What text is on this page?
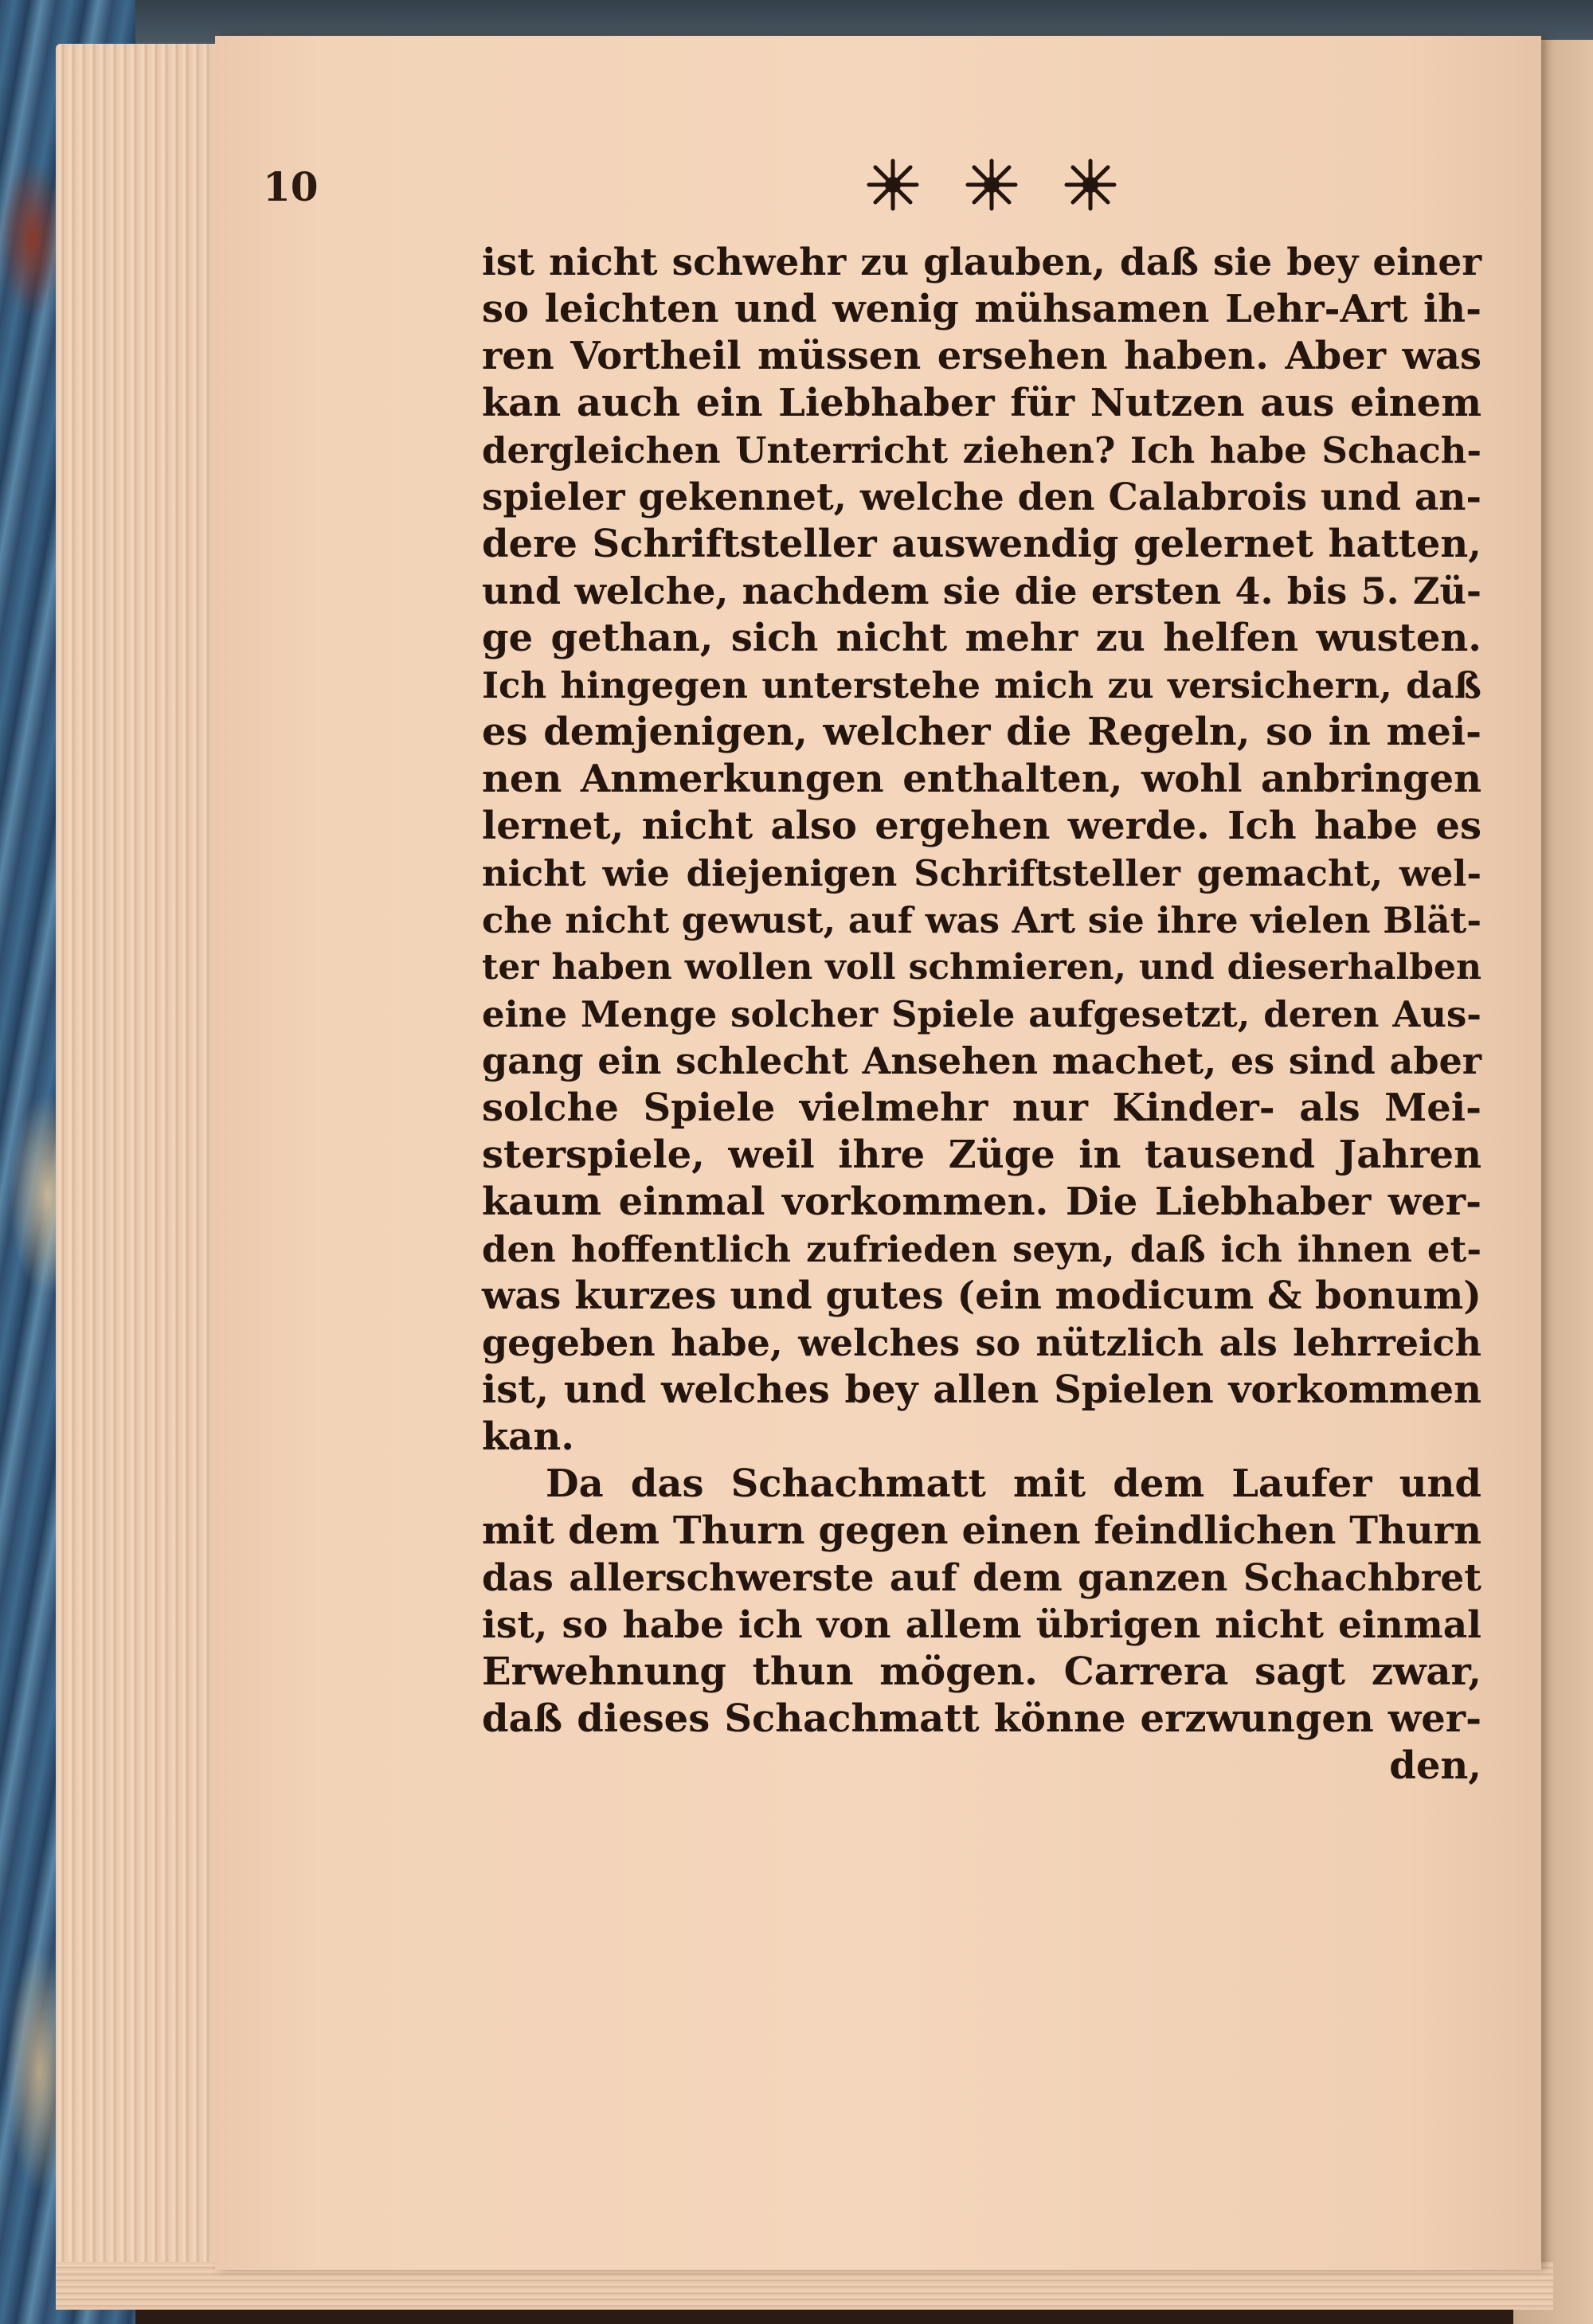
10
ist nicht schwehr zu glauben, daß sie bey einer
so leichten und wenig mühsamen Lehr-Art ih-
ren Vortheil müssen ersehen haben. Aber was
kan auch ein Liebhaber für Nutzen aus einem
dergleichen Unterricht ziehen? Ich habe Schach-
spieler gekennet, welche den Calabrois und an-
dere Schriftsteller auswendig gelernet hatten,
und welche, nachdem sie die ersten 4. bis 5. Zü-
ge gethan, sich nicht mehr zu helfen wusten.
Ich hingegen unterstehe mich zu versichern, daß
es demjenigen, welcher die Regeln, so in mei-
nen Anmerkungen enthalten, wohl anbringen
lernet, nicht also ergehen werde. Ich habe es
nicht wie diejenigen Schriftsteller gemacht, wel-
che nicht gewust, auf was Art sie ihre vielen Blät-
ter haben wollen voll schmieren, und dieserhalben
eine Menge solcher Spiele aufgesetzt, deren Aus-
gang ein schlecht Ansehen machet, es sind aber
solche Spiele vielmehr nur Kinder- als Mei-
sterspiele, weil ihre Züge in tausend Jahren
kaum einmal vorkommen. Die Liebhaber wer-
den hoffentlich zufrieden seyn, daß ich ihnen et-
was kurzes und gutes (ein modicum & bonum)
gegeben habe, welches so nützlich als lehrreich
ist, und welches bey allen Spielen vorkommen
kan.
Da das Schachmatt mit dem Laufer und
mit dem Thurn gegen einen feindlichen Thurn
das allerschwerste auf dem ganzen Schachbret
ist, so habe ich von allem übrigen nicht einmal
Erwehnung thun mögen. Carrera sagt zwar,
daß dieses Schachmatt könne erzwungen wer-
den,
